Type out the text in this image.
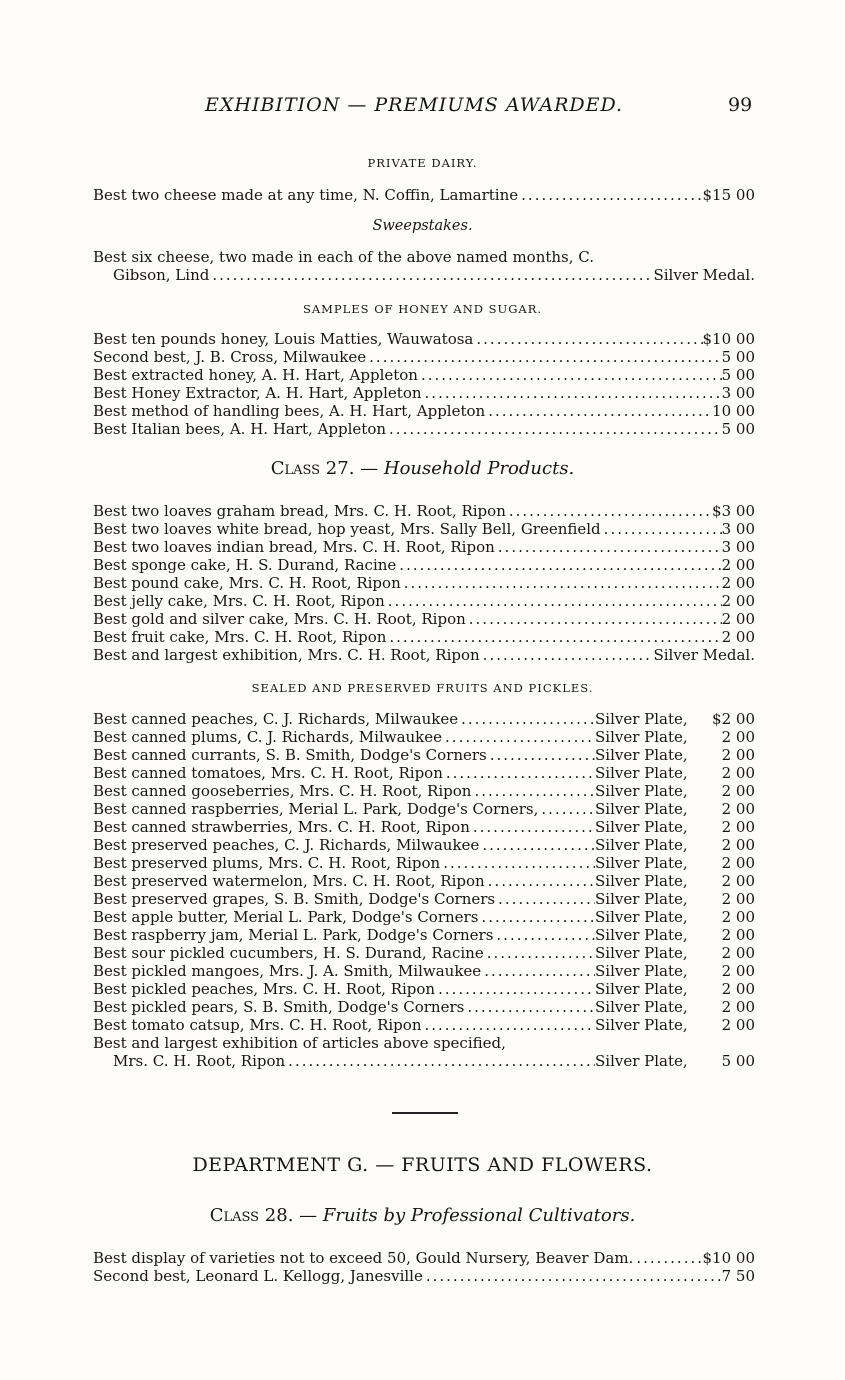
EXHIBITION — PREMIUMS AWARDED.	99
PRIVATE DAIRY.
Best two cheese made at any time, N. Coffin, Lamartine .....	$15 00
Sweepstakes.
Best six cheese, two made in each of the above named months, C.
Gibson, Lind .....	Silver Medal.
SAMPLES OF HONEY AND SUGAR.
Best ten pounds honey, Louis Matties, Wauwatosa .....	$10 00
Second best, J. B. Cross, Milwaukee .....	5 00
Best extracted honey, A. H. Hart, Appleton .....	5 00
Best Honey Extractor, A. H. Hart, Appleton .....	3 00
Best method of handling bees, A. H. Hart, Appleton .....	10 00
Best Italian bees, A. H. Hart, Appleton .....	5 00
Class 27. — Household Products.
Best two loaves graham bread, Mrs. C. H. Root, Ripon .....	$3 00
Best two loaves white bread, hop yeast, Mrs. Sally Bell, Greenfield .....	3 00
Best two loaves indian bread, Mrs. C. H. Root, Ripon .....	3 00
Best sponge cake, H. S. Durand, Racine .....	2 00
Best pound cake, Mrs. C. H. Root, Ripon .....	2 00
Best jelly cake, Mrs. C. H. Root, Ripon .....	2 00
Best gold and silver cake, Mrs. C. H. Root, Ripon .....	2 00
Best fruit cake, Mrs. C. H. Root, Ripon .....	2 00
Best and largest exhibition, Mrs. C. H. Root, Ripon .....	Silver Medal.
SEALED AND PRESERVED FRUITS AND PICKLES.
Best canned peaches, C. J. Richards, Milwaukee .....	Silver Plate,	$2 00
Best canned plums, C. J. Richards, Milwaukee .....	Silver Plate,	2 00
Best canned currants, S. B. Smith, Dodge's Corners .....	Silver Plate,	2 00
Best canned tomatoes, Mrs. C. H. Root, Ripon .....	Silver Plate,	2 00
Best canned gooseberries, Mrs. C. H. Root, Ripon .....	Silver Plate,	2 00
Best canned raspberries, Merial L. Park, Dodge's Corners, .....	Silver Plate,	2 00
Best canned strawberries, Mrs. C. H. Root, Ripon .....	Silver Plate,	2 00
Best preserved peaches, C. J. Richards, Milwaukee .....	Silver Plate,	2 00
Best preserved plums, Mrs. C. H. Root, Ripon .....	Silver Plate,	2 00
Best preserved watermelon, Mrs. C. H. Root, Ripon .....	Silver Plate,	2 00
Best preserved grapes, S. B. Smith, Dodge's Corners .....	Silver Plate,	2 00
Best apple butter, Merial L. Park, Dodge's Corners .....	Silver Plate,	2 00
Best raspberry jam, Merial L. Park, Dodge's Corners .....	Silver Plate,	2 00
Best sour pickled cucumbers, H. S. Durand, Racine .....	Silver Plate,	2 00
Best pickled mangoes, Mrs. J. A. Smith, Milwaukee .....	Silver Plate,	2 00
Best pickled peaches, Mrs. C. H. Root, Ripon .....	Silver Plate,	2 00
Best pickled pears, S. B. Smith, Dodge's Corners .....	Silver Plate,	2 00
Best tomato catsup, Mrs. C. H. Root, Ripon .....	Silver Plate,	2 00
Best and largest exhibition of articles above specified,
Mrs. C. H. Root, Ripon .....	Silver Plate,	5 00
DEPARTMENT G. — FRUITS AND FLOWERS.
Class 28. — Fruits by Professional Cultivators.
Best display of varieties not to exceed 50, Gould Nursery, Beaver Dam. .....	$10 00
Second best, Leonard L. Kellogg, Janesville .....	7 50
